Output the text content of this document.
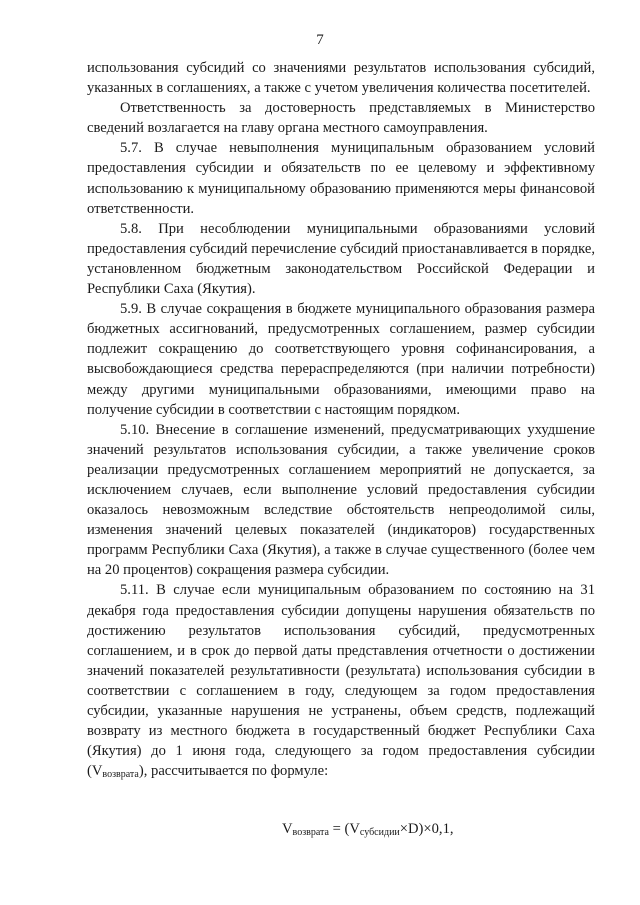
7

использования субсидий со значениями результатов использования субсидий, указанных в соглашениях, а также с учетом увеличения количества посетителей.

Ответственность за достоверность представляемых в Министерство сведений возлагается на главу органа местного самоуправления.

5.7. В случае невыполнения муниципальным образованием условий предоставления субсидии и обязательств по ее целевому и эффективному использованию к муниципальному образованию применяются меры финансовой ответственности.

5.8. При несоблюдении муниципальными образованиями условий предоставления субсидий перечисление субсидий приостанавливается в порядке, установленном бюджетным законодательством Российской Федерации и Республики Саха (Якутия).

5.9. В случае сокращения в бюджете муниципального образования размера бюджетных ассигнований, предусмотренных соглашением, размер субсидии подлежит сокращению до соответствующего уровня софинансирования, а высвобождающиеся средства перераспределяются (при наличии потребности) между другими муниципальными образованиями, имеющими право на получение субсидии в соответствии с настоящим порядком.

5.10. Внесение в соглашение изменений, предусматривающих ухудшение значений результатов использования субсидии, а также увеличение сроков реализации предусмотренных соглашением мероприятий не допускается, за исключением случаев, если выполнение условий предоставления субсидии оказалось невозможным вследствие обстоятельств непреодолимой силы, изменения значений целевых показателей (индикаторов) государственных программ Республики Саха (Якутия), а также в случае существенного (более чем на 20 процентов) сокращения размера субсидии.

5.11. В случае если муниципальным образованием по состоянию на 31 декабря года предоставления субсидии допущены нарушения обязательств по достижению результатов использования субсидий, предусмотренных соглашением, и в срок до первой даты представления отчетности о достижении значений показателей результативности (результата) использования субсидии в соответствии с соглашением в году, следующем за годом предоставления субсидии, указанные нарушения не устранены, объем средств, подлежащий возврату из местного бюджета в государственный бюджет Республики Саха (Якутия) до 1 июня года, следующего за годом предоставления субсидии $(V_{возврата})$, рассчитывается по формуле:

$V_{возврата} = (V_{субсидии}\times D)\times 0,1$,
